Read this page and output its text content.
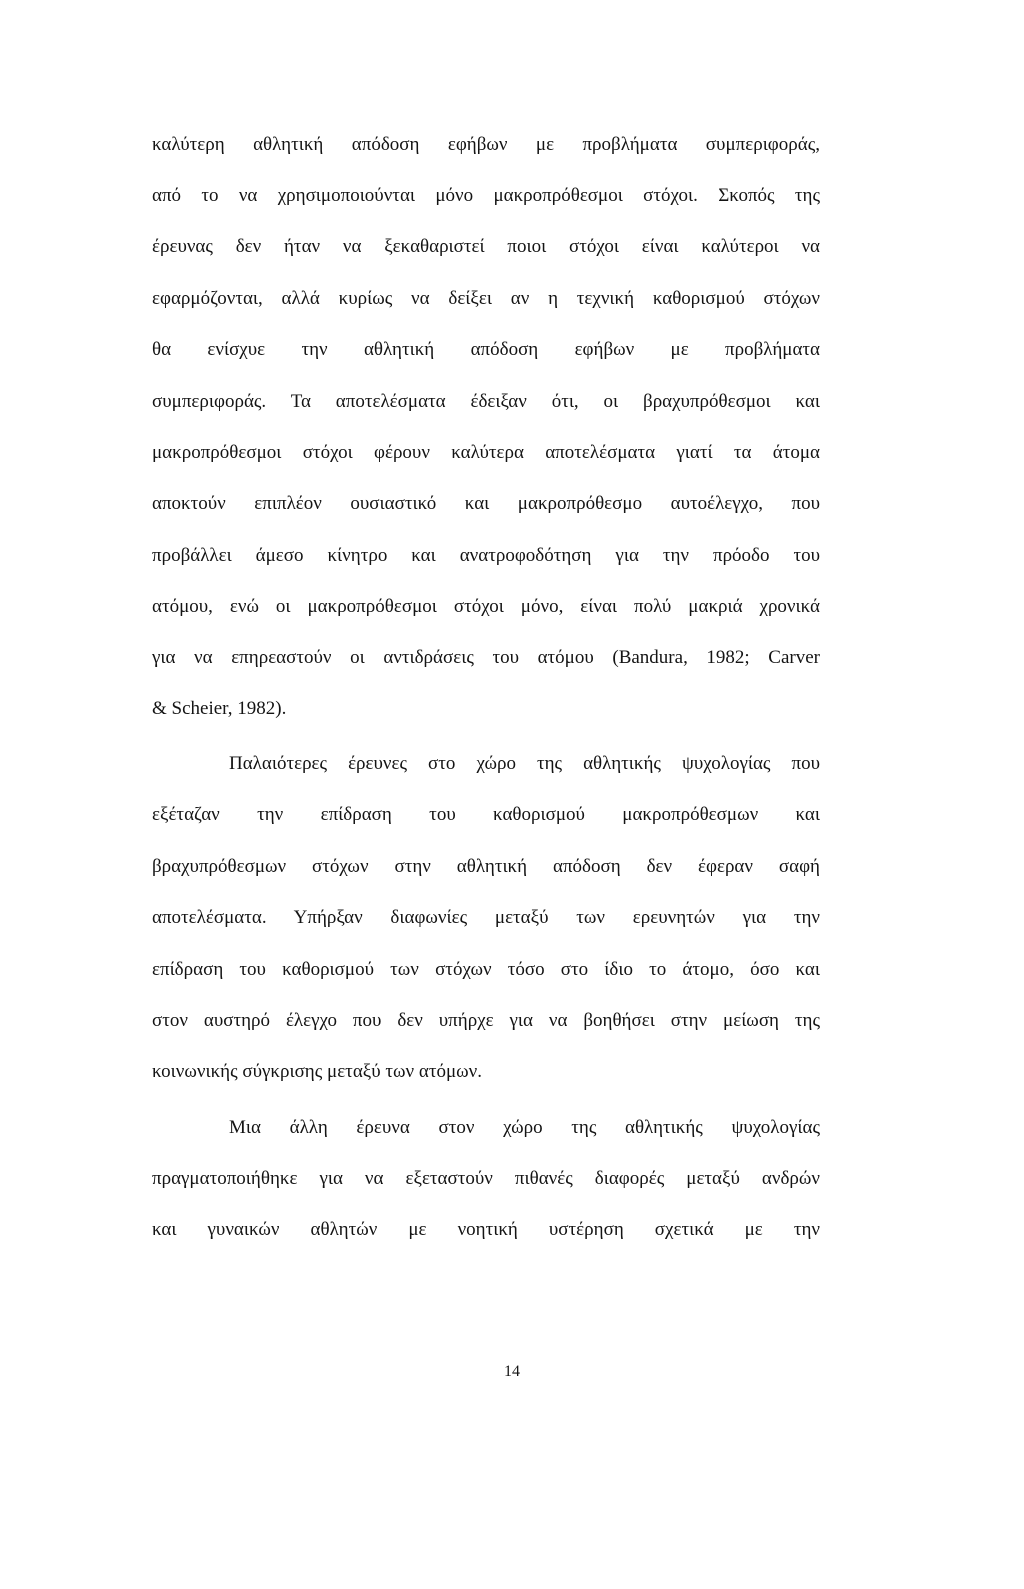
καλύτερη αθλητική απόδοση εφήβων με προβλήματα συμπεριφοράς,
από το να χρησιμοποιούνται μόνο μακροπρόθεσμοι στόχοι. Σκοπός της
έρευνας δεν ήταν να ξεκαθαριστεί ποιοι στόχοι είναι καλύτεροι να
εφαρμόζονται, αλλά κυρίως να δείξει αν η τεχνική καθορισμού στόχων
θα ενίσχυε την αθλητική απόδοση εφήβων με προβλήματα
συμπεριφοράς. Τα αποτελέσματα έδειξαν ότι, οι βραχυπρόθεσμοι και
μακροπρόθεσμοι στόχοι φέρουν καλύτερα αποτελέσματα γιατί τα άτομα
αποκτούν επιπλέον ουσιαστικό και μακροπρόθεσμο αυτοέλεγχο, που
προβάλλει άμεσο κίνητρο και ανατροφοδότηση για την πρόοδο του
ατόμου, ενώ οι μακροπρόθεσμοι στόχοι μόνο, είναι πολύ μακριά χρονικά
για να επηρεαστούν οι αντιδράσεις του ατόμου (Bandura, 1982; Carver
& Scheier, 1982).
Παλαιότερες έρευνες στο χώρο της αθλητικής ψυχολογίας που
εξέταζαν την επίδραση του καθορισμού μακροπρόθεσμων και
βραχυπρόθεσμων στόχων στην αθλητική απόδοση δεν έφεραν σαφή
αποτελέσματα. Υπήρξαν διαφωνίες μεταξύ των ερευνητών για την
επίδραση του καθορισμού των στόχων τόσο στο ίδιο το άτομο, όσο και
στον αυστηρό έλεγχο που δεν υπήρχε για να βοηθήσει στην μείωση της
κοινωνικής σύγκρισης μεταξύ των ατόμων.
Μια άλλη έρευνα στον χώρο της αθλητικής ψυχολογίας
πραγματοποιήθηκε για να εξεταστούν πιθανές διαφορές μεταξύ ανδρών
και γυναικών αθλητών με νοητική υστέρηση σχετικά με την
14
